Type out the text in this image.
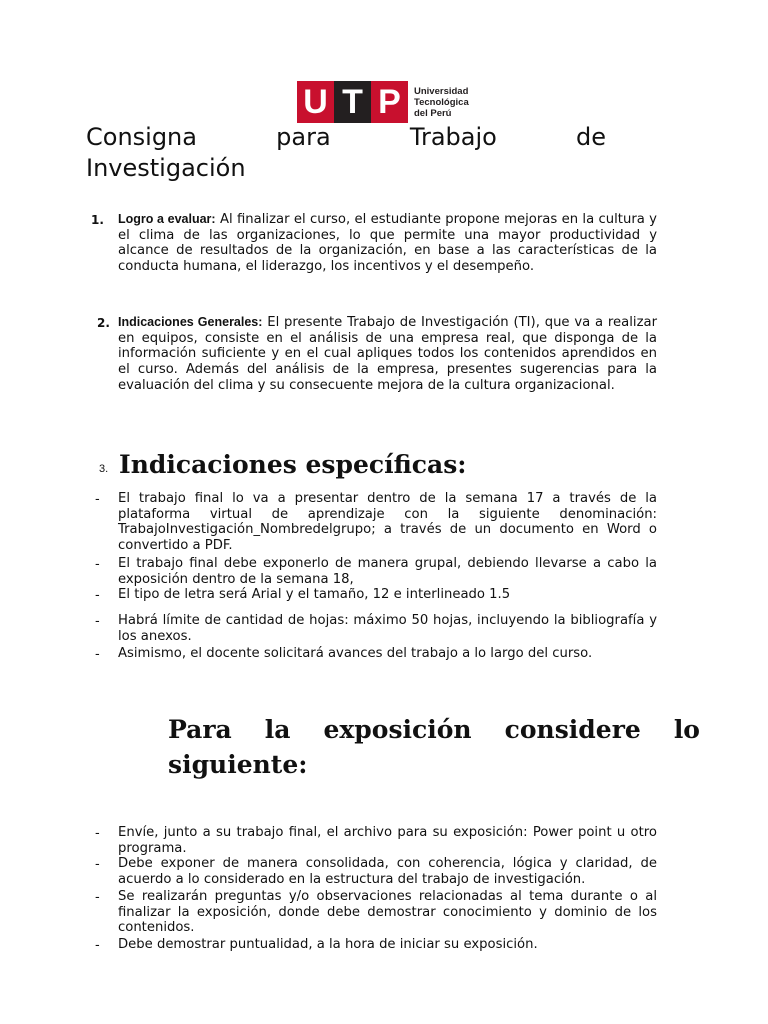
U T P	Universidad
Tecnológica
del Perú
Consigna	para	Trabajo	de
Investigación
1. Logro a evaluar: Al finalizar el curso, el estudiante propone mejoras en la cultura y el clima de las organizaciones, lo que permite una mayor productividad y alcance de resultados de la organización, en base a las características de la conducta humana, el liderazgo, los incentivos y el desempeño.
2. Indicaciones Generales: El presente Trabajo de Investigación (TI), que va a realizar en equipos, consiste en el análisis de una empresa real, que disponga de la información suficiente y en el cual apliques todos los contenidos aprendidos en el curso. Además del análisis de la empresa, presentes sugerencias para la evaluación del clima y su consecuente mejora de la cultura organizacional.
3. Indicaciones específicas:
- El trabajo final lo va a presentar dentro de la semana 17 a través de la plataforma virtual de aprendizaje con la siguiente denominación: TrabajoInvestigación_Nombredelgrupo; a través de un documento en Word o convertido a PDF.
- El trabajo final debe exponerlo de manera grupal, debiendo llevarse a cabo la exposición dentro de la semana 18,
- El tipo de letra será Arial y el tamaño, 12 e interlineado 1.5
- Habrá límite de cantidad de hojas: máximo 50 hojas, incluyendo la bibliografía y los anexos.
- Asimismo, el docente solicitará avances del trabajo a lo largo del curso.
Para la exposición considere lo
siguiente:
- Envíe, junto a su trabajo final, el archivo para su exposición: Power point u otro programa.
- Debe exponer de manera consolidada, con coherencia, lógica y claridad, de acuerdo a lo considerado en la estructura del trabajo de investigación.
- Se realizarán preguntas y/o observaciones relacionadas al tema durante o al finalizar la exposición, donde debe demostrar conocimiento y dominio de los contenidos.
- Debe demostrar puntualidad, a la hora de iniciar su exposición.
